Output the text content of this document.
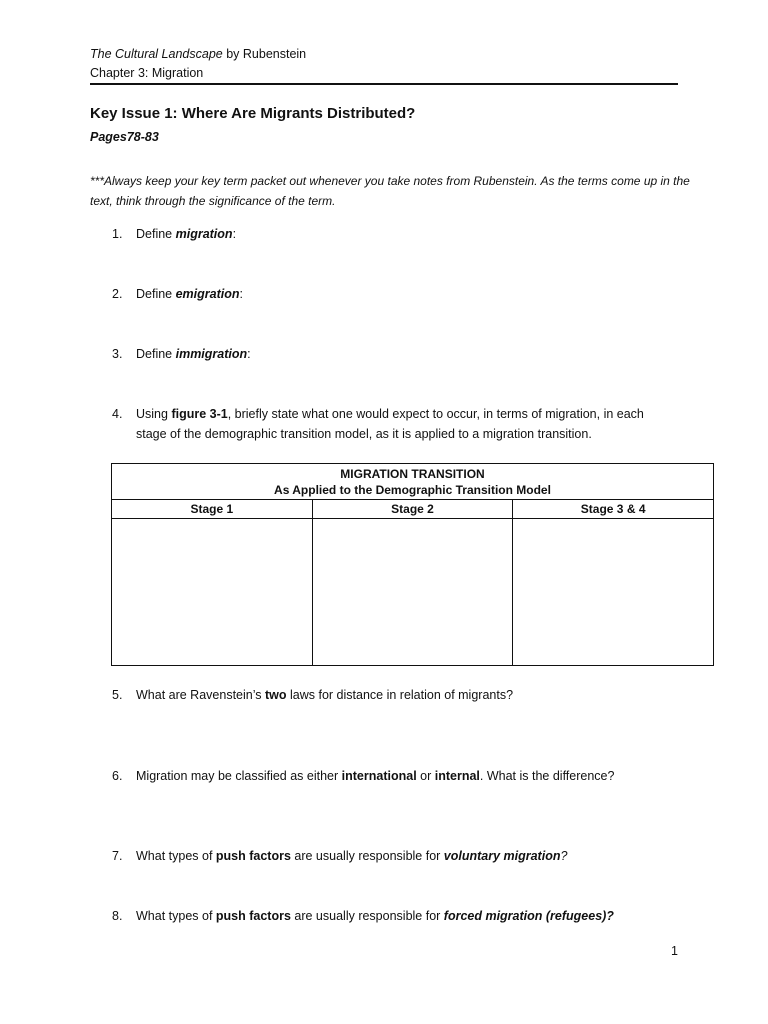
The Cultural Landscape by Rubenstein
Chapter 3: Migration
Key Issue 1: Where Are Migrants Distributed?
Pages78-83
***Always keep your key term packet out whenever you take notes from Rubenstein. As the terms come up in the text, think through the significance of the term.
1.	Define migration:
2.	Define emigration:
3.	Define immigration:
4.	Using figure 3-1, briefly state what one would expect to occur, in terms of migration, in each stage of the demographic transition model, as it is applied to a migration transition.
MIGRATION TRANSITION
As Applied to the Demographic Transition Model		

Stage 1	Stage 2	Stage 3 & 4

5.	What are Ravenstein’s two laws for distance in relation of migrants?
6.	Migration may be classified as either international or internal. What is the difference?
7.	What types of push factors are usually responsible for voluntary migration?
8.	What types of push factors are usually responsible for forced migration (refugees)?
1
